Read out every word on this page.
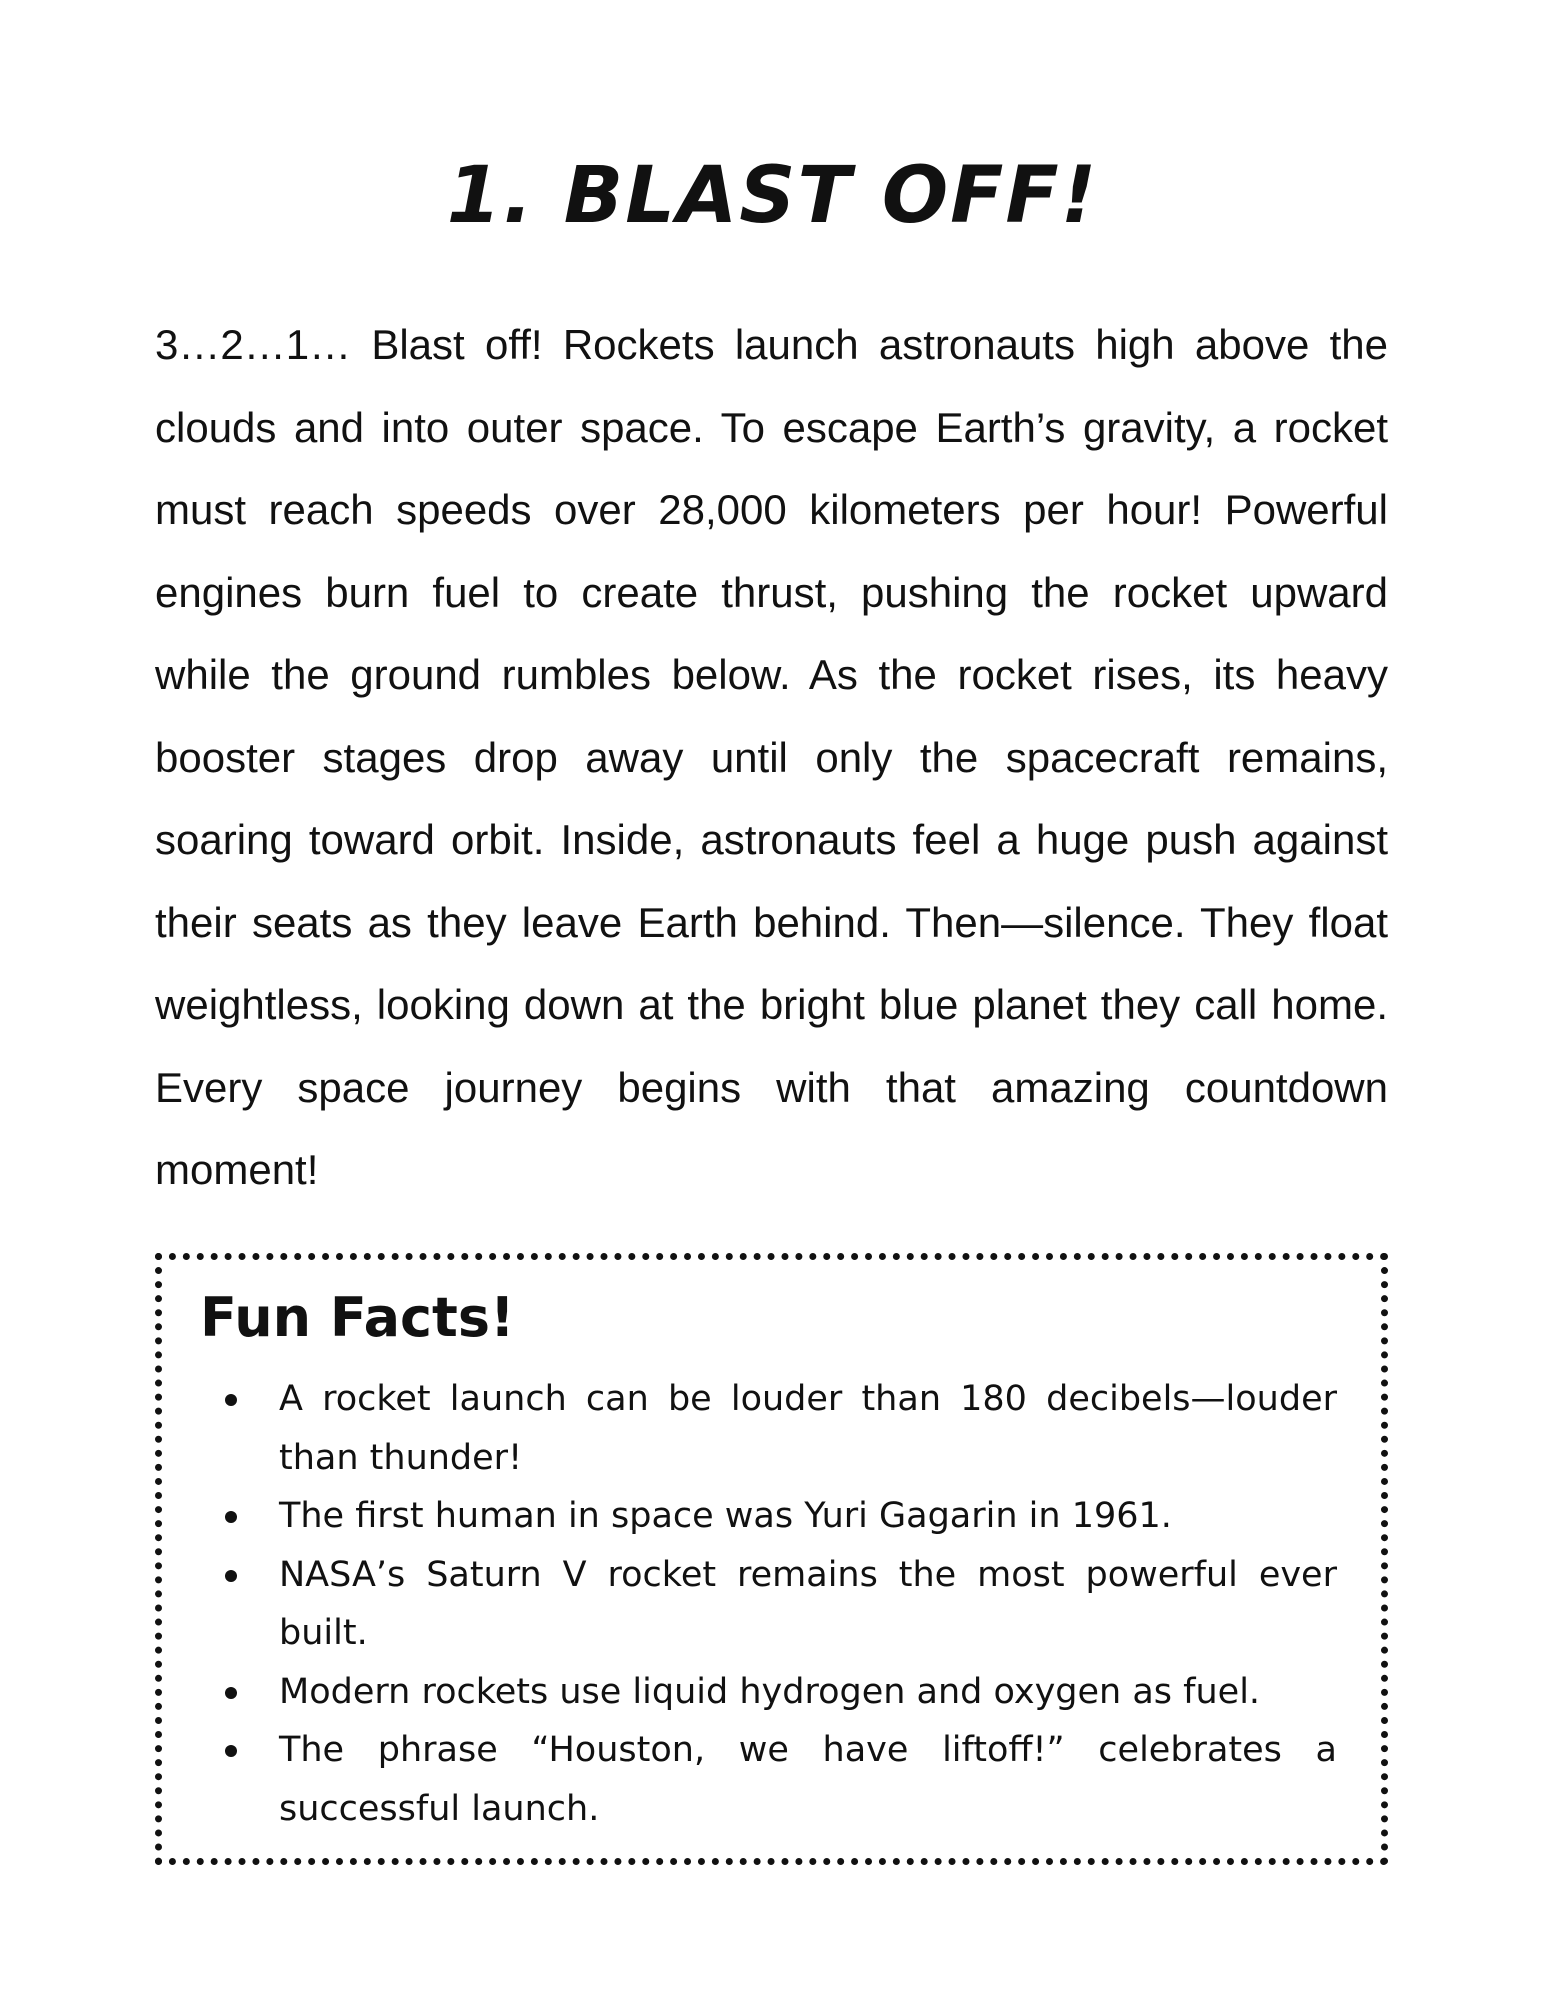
1. BLAST OFF!

3…2…1… Blast off! Rockets launch astronauts high above the clouds and into outer space. To escape Earth’s gravity, a rocket must reach speeds over 28,000 kilometers per hour! Powerful engines burn fuel to create thrust, pushing the rocket upward while the ground rumbles below. As the rocket rises, its heavy booster stages drop away until only the spacecraft remains, soaring toward orbit. Inside, astronauts feel a huge push against their seats as they leave Earth behind. Then—silence. They float weightless, looking down at the bright blue planet they call home. Every space journey begins with that amazing countdown moment!

Fun Facts!
A rocket launch can be louder than 180 decibels—louder than thunder!
The first human in space was Yuri Gagarin in 1961.
NASA’s Saturn V rocket remains the most powerful ever built.
Modern rockets use liquid hydrogen and oxygen as fuel.
The phrase “Houston, we have liftoff!” celebrates a successful launch.
